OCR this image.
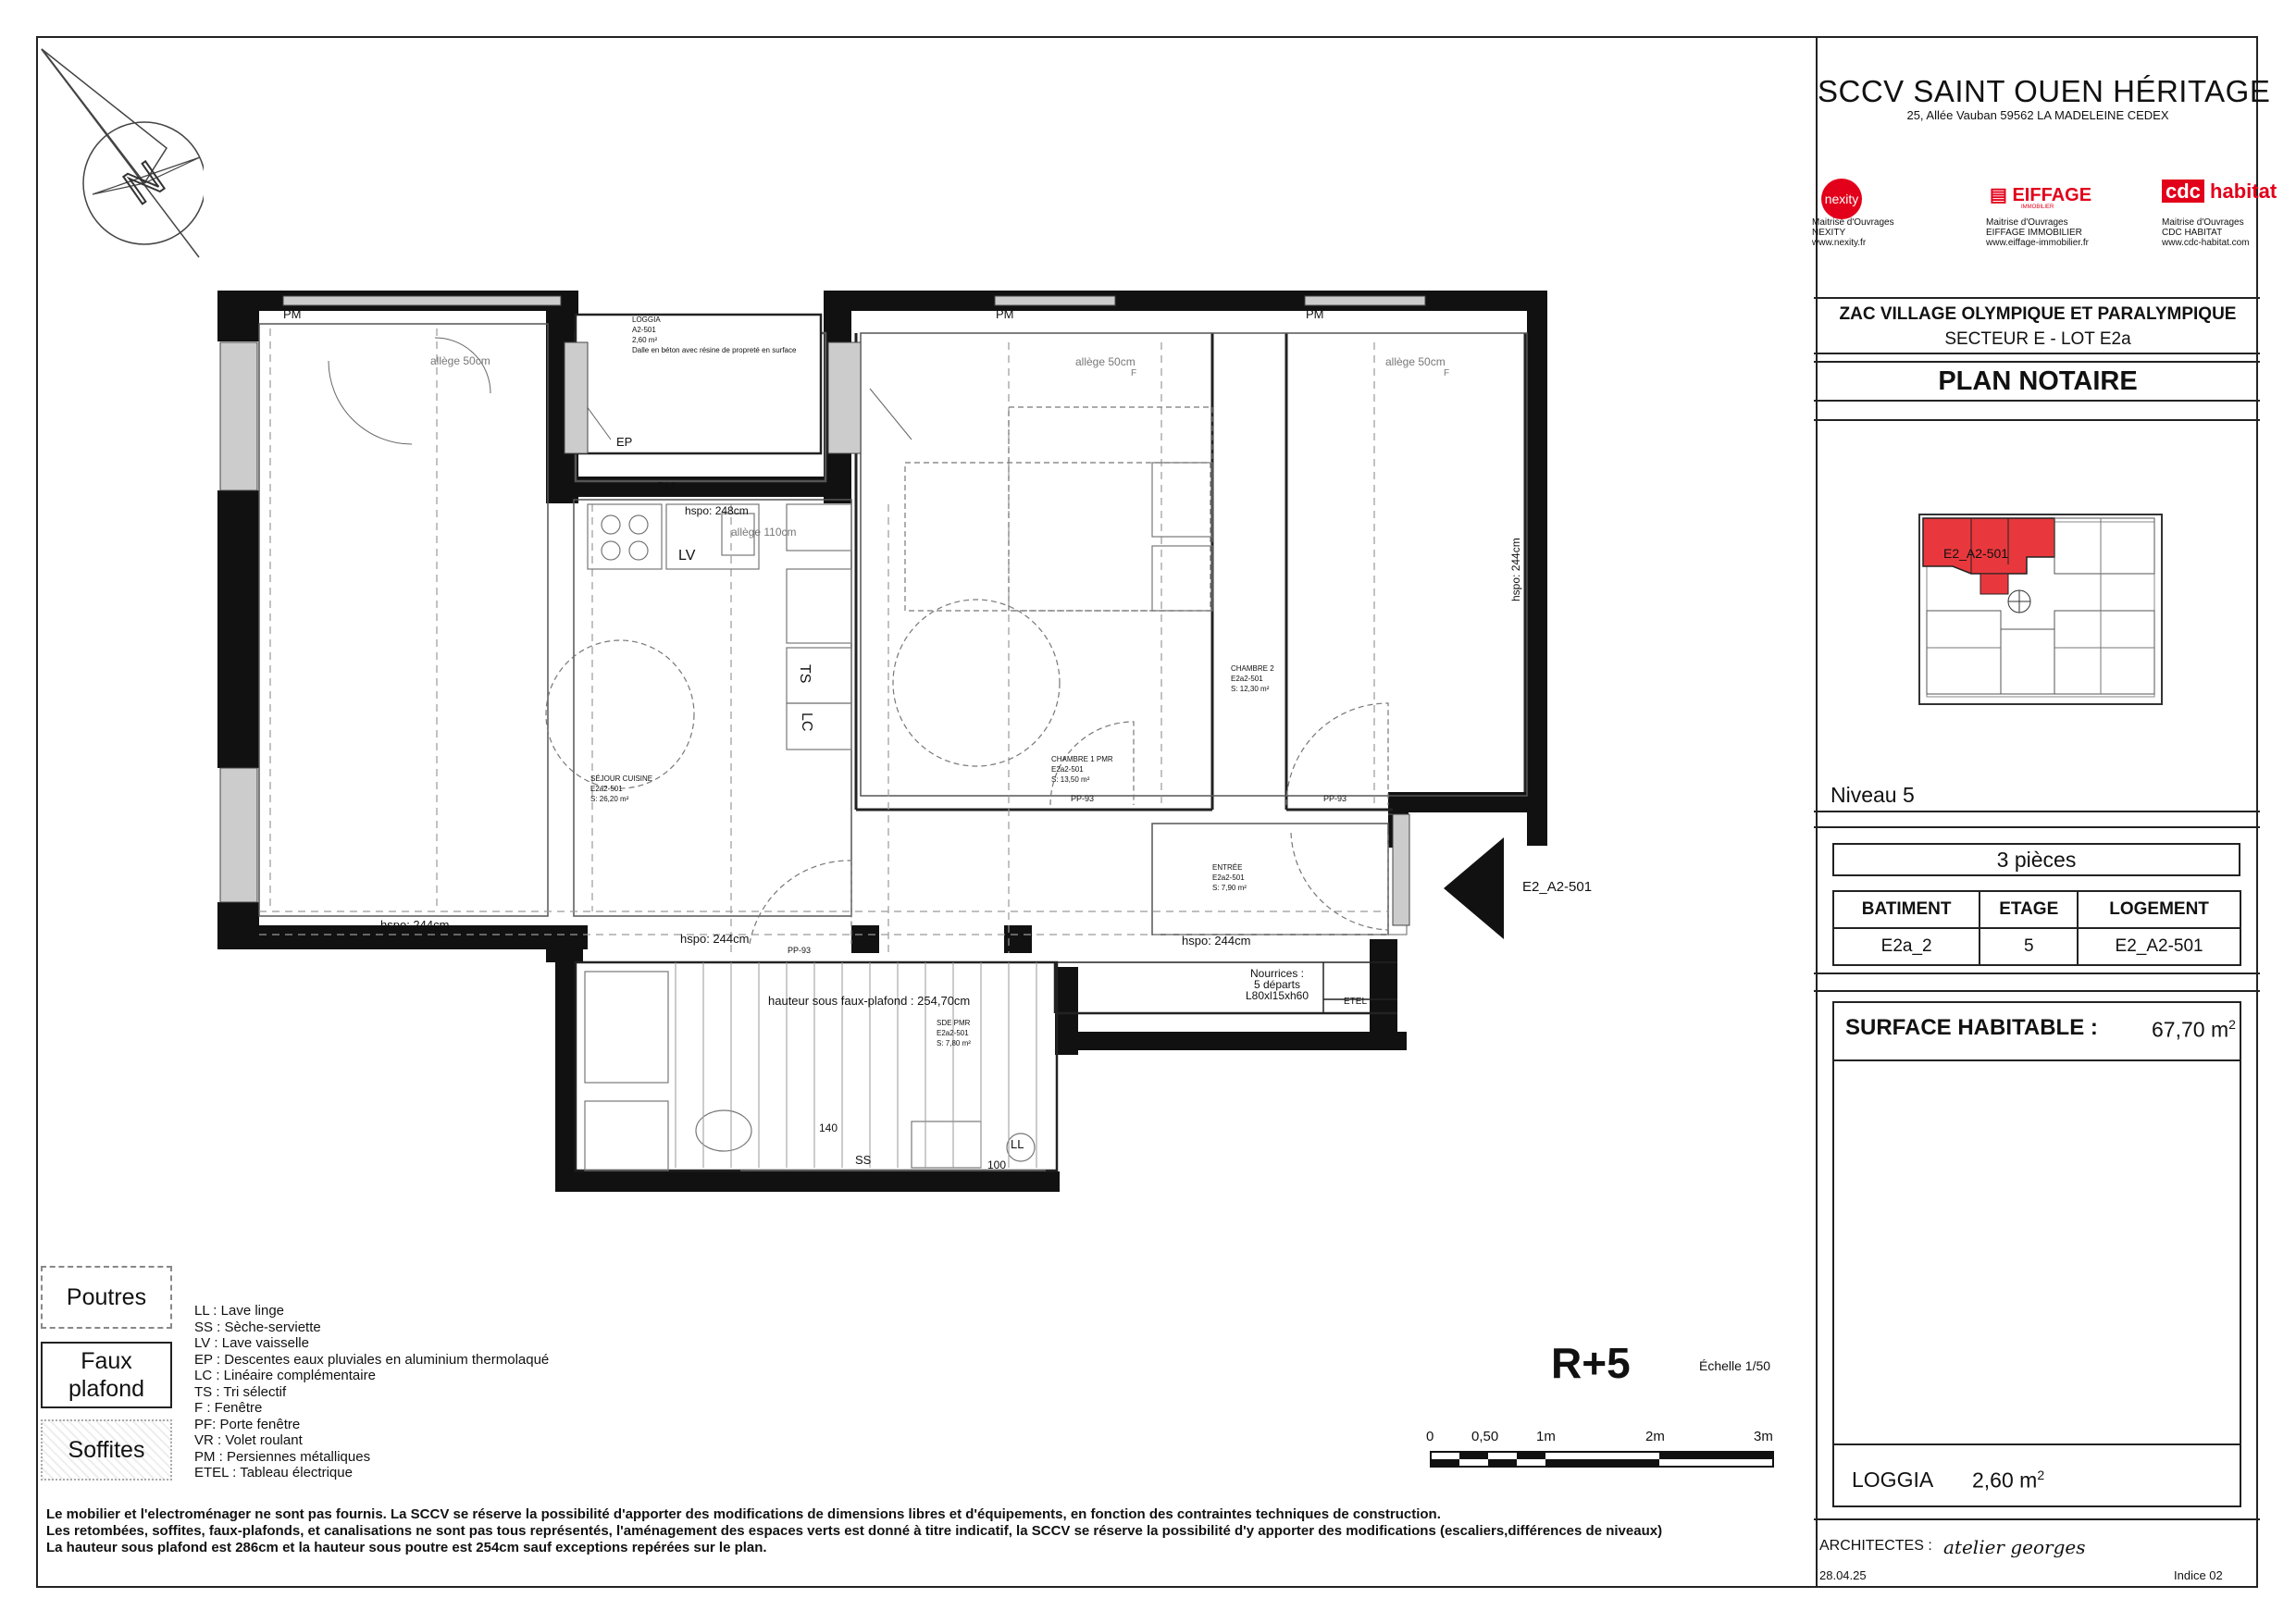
N
SCCV SAINT OUEN HÉRITAGE
25, Allée Vauban 59562 LA MADELEINE CEDEX
nexity
Maitrise d'Ouvrages
NEXITY
www.nexity.fr
▤ EIFFAGE
IMMOBILIER
Maitrise d'Ouvrages
EIFFAGE IMMOBILIER
www.eiffage-immobilier.fr
cdc habitat
Maitrise d'Ouvrages
CDC HABITAT
www.cdc-habitat.com
ZAC VILLAGE OLYMPIQUE ET PARALYMPIQUE
SECTEUR E - LOT E2a
PLAN NOTAIRE
E2_A2-501
Niveau 5
3 pièces
BATIMENT	ETAGE	LOGEMENT
E2a_2	5	E2_A2-501
SURFACE HABITABLE :	67,70 $m^2$
LOGGIA 2,60 $m^2$
ARCHITECTES : atelier georges
28.04.25	Indice 02
PM	PM	PM
PM
EP
allège 50cm	allège 50cm	allège 50cm
allège 110cm
F	F
hspo: 248cm
hspo: 244cm
hspo: 244cm	hspo: 244cm
hspo: 248cm
hspo: 244cm
LV
TS
LC
SS
LL
PP-93
PP-93	PP-93
ETEL
Nourrices :
5 départs
L80xl15xh60
hauteur sous faux-plafond : 254,70cm
140
100
LOGGIA
A2-501
2,60 m²
Dalle en béton avec résine de propreté en surface
SÉJOUR CUISINE
E2a2-501
S: 26,20 m²
CHAMBRE 1 PMR
E2a2-501
S: 13,50 m²
CHAMBRE 2
E2a2-501
S: 12,30 m²
ENTRÉE
E2a2-501
S: 7,90 m²
SDE PMR
E2a2-501
S: 7,80 m²
E2_A2-501
R+5	Échelle 1/50
0	0,50	1m	2m	3m
Poutres
Faux plafond
Soffites
LL : Lave linge
SS : Sèche-serviette
LV : Lave vaisselle
EP : Descentes eaux pluviales en aluminium thermolaqué
LC : Linéaire complémentaire
TS : Tri sélectif
F : Fenêtre
PF: Porte fenêtre
VR : Volet roulant
PM : Persiennes métalliques
ETEL : Tableau électrique
Le mobilier et l'electroménager ne sont pas fournis. La SCCV se réserve la possibilité d'apporter des modifications de dimensions libres et d'équipements, en fonction des contraintes techniques de construction.
Les retombées, soffites, faux-plafonds, et canalisations ne sont pas tous représentés, l'aménagement des espaces verts est donné à titre indicatif, la SCCV se réserve la possibilité d'y apporter des modifications (escaliers,différences de niveaux)
La hauteur sous plafond est 286cm et la hauteur sous poutre est 254cm sauf exceptions repérées sur le plan.
